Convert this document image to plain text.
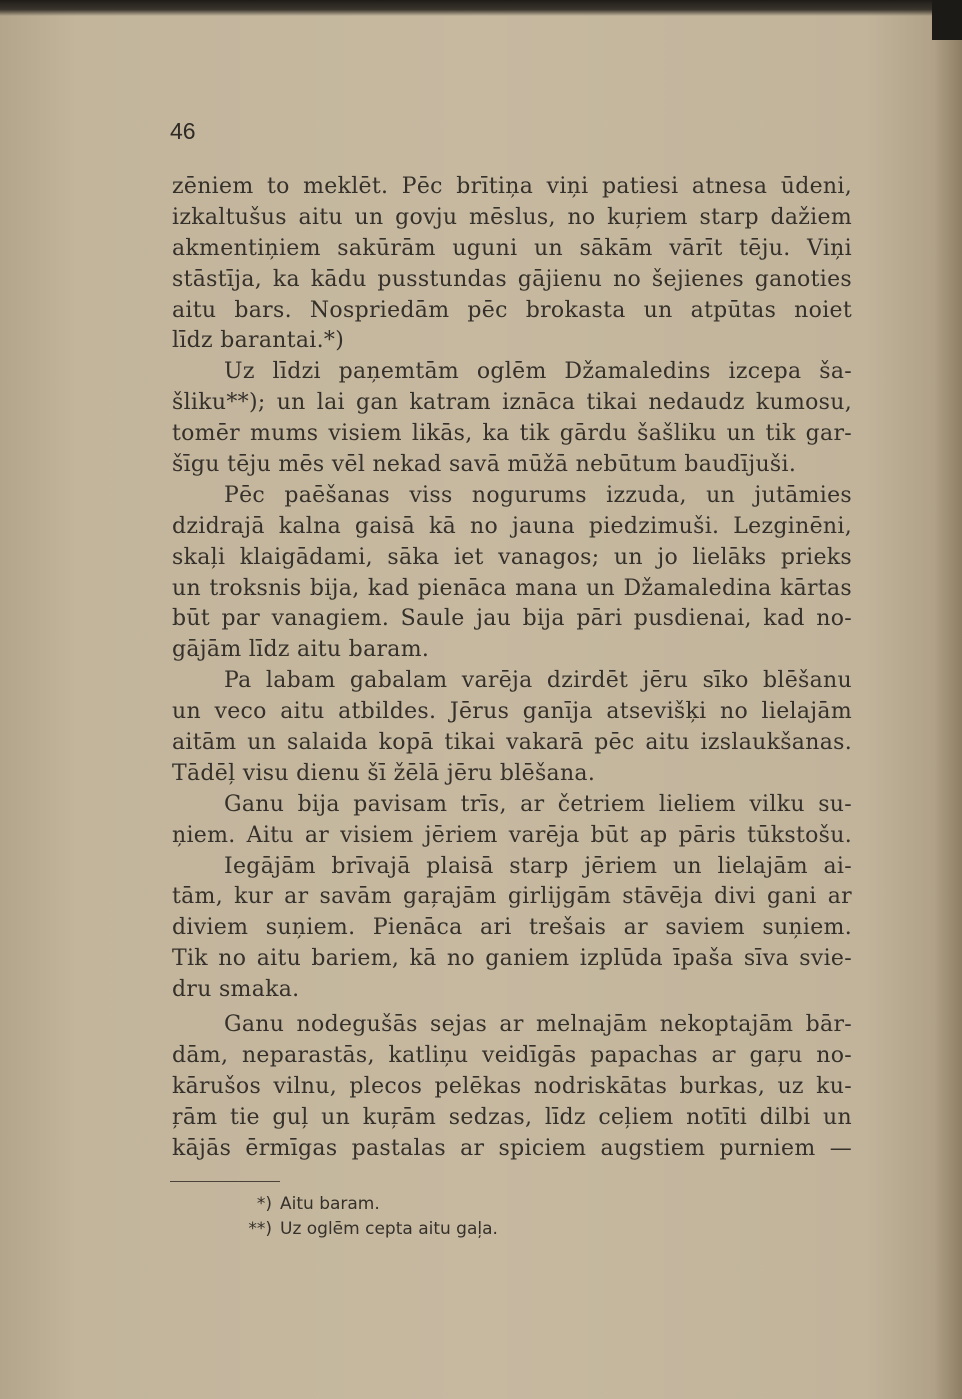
46
zēniem to meklēt. Pēc brītiņa viņi patiesi atnesa ūdeni,
izkaltušus aitu un govju mēslus, no kuŗiem starp dažiem
akmentiņiem sakūrām uguni un sākām vārīt tēju. Viņi
stāstīja, ka kādu pusstundas gājienu no šejienes ganoties
aitu bars. Nospriedām pēc brokasta un atpūtas noiet
līdz barantai.*)
Uz līdzi paņemtām oglēm Džamaledins izcepa ša-
šliku**); un lai gan katram iznāca tikai nedaudz kumosu,
tomēr mums visiem likās, ka tik gārdu šašliku un tik gar-
šīgu tēju mēs vēl nekad savā mūžā nebūtum baudījuši.
Pēc paēšanas viss nogurums izzuda, un jutāmies
dzidrajā kalna gaisā kā no jauna piedzimuši. Lezginēni,
skaļi klaigādami, sāka iet vanagos; un jo lielāks prieks
un troksnis bija, kad pienāca mana un Džamaledina kārtas
būt par vanagiem. Saule jau bija pāri pusdienai, kad no-
gājām līdz aitu baram.
Pa labam gabalam varēja dzirdēt jēru sīko blēšanu
un veco aitu atbildes. Jērus ganīja atsevišķi no lielajām
aitām un salaida kopā tikai vakarā pēc aitu izslaukšanas.
Tādēļ visu dienu šī žēlā jēru blēšana.
Ganu bija pavisam trīs, ar četriem lieliem vilku su-
ņiem. Aitu ar visiem jēriem varēja būt ap pāris tūkstošu.
Iegājām brīvajā plaisā starp jēriem un lielajām ai-
tām, kur ar savām gaŗajām girlijgām stāvēja divi gani ar
diviem suņiem. Pienāca ari trešais ar saviem suņiem.
Tik no aitu bariem, kā no ganiem izplūda īpaša sīva svie-
dru smaka.
Ganu nodegušās sejas ar melnajām nekoptajām bār-
dām, neparastās, katliņu veidīgās papachas ar gaŗu no-
kārušos vilnu, plecos pelēkas nodriskātas burkas, uz ku-
ŗām tie guļ un kuŗām sedzas, līdz ceļiem notīti dilbi un
kājās ērmīgas pastalas ar spiciem augstiem purniem —
*) Aitu baram.
**) Uz oglēm cepta aitu gaļa.
